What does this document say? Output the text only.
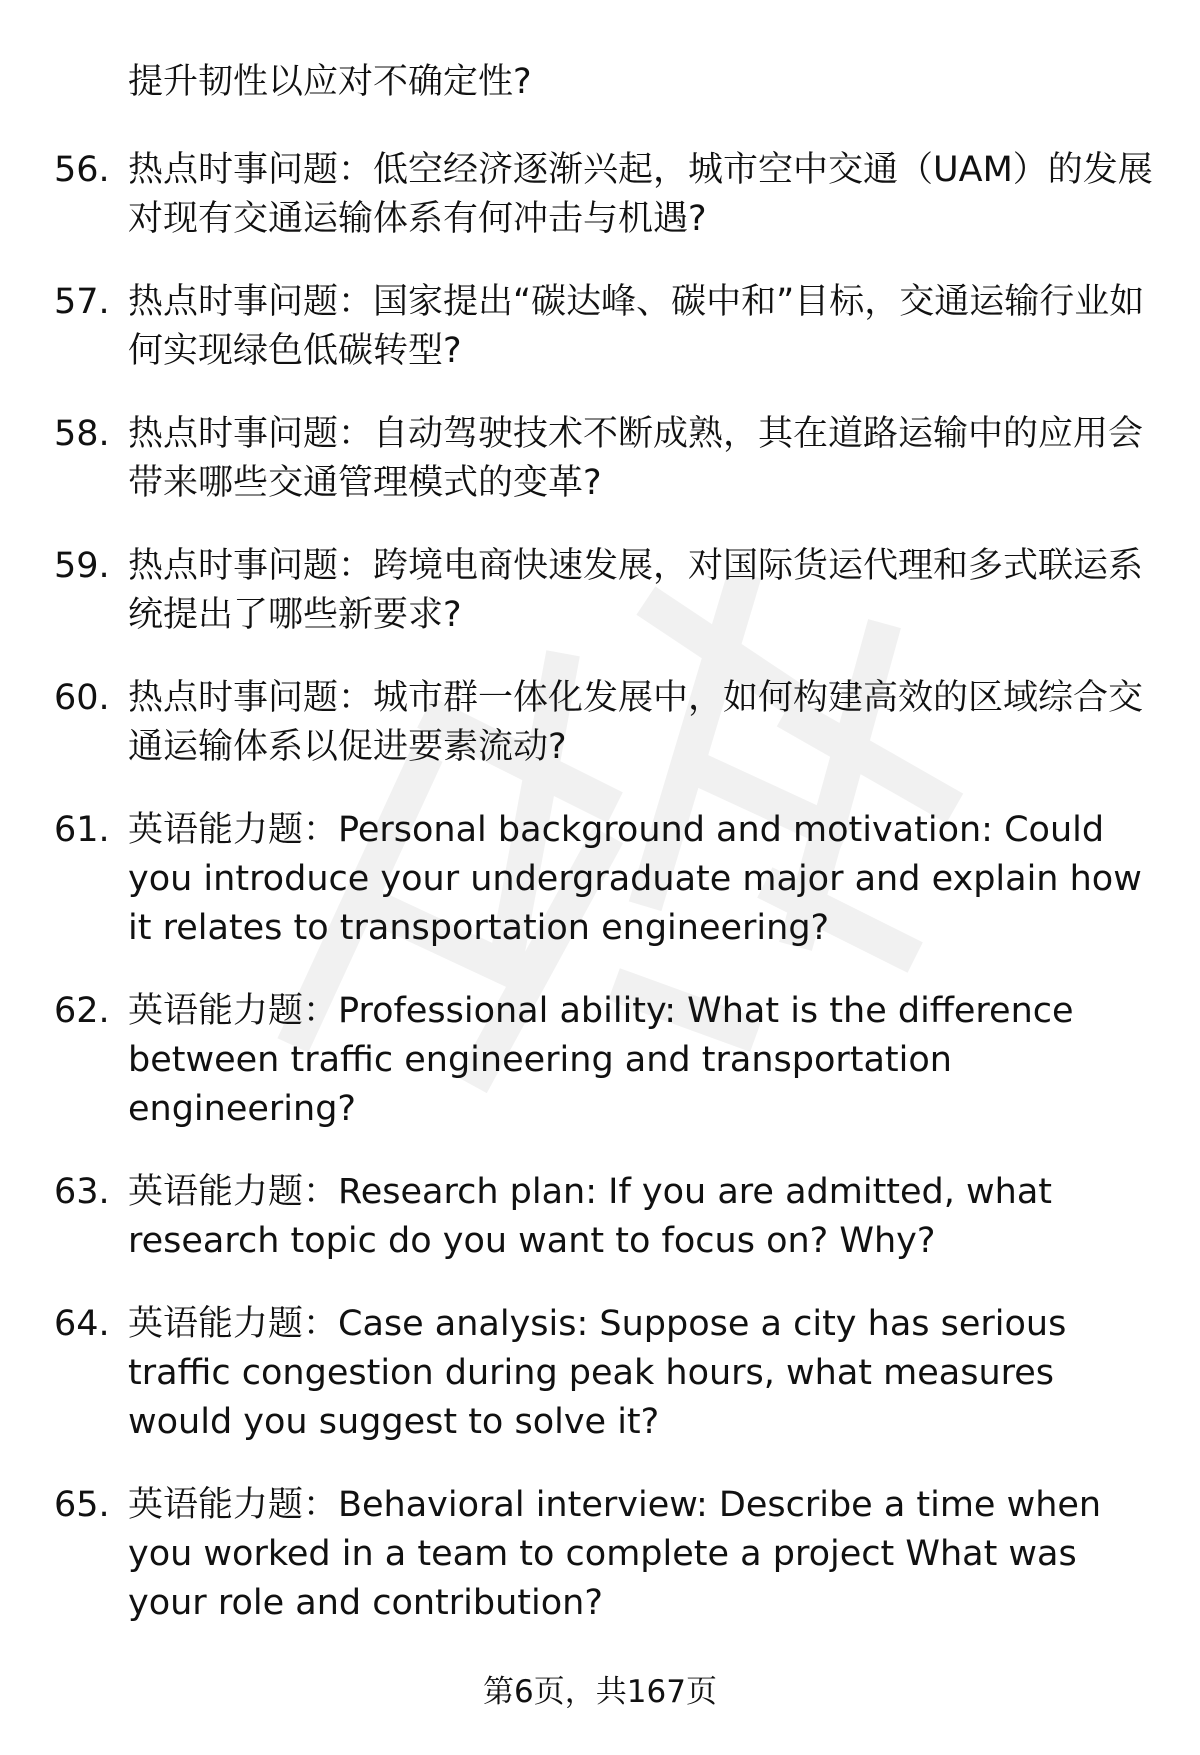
提升韧性以应对不确定性?
56. 热点时事问题：低空经济逐渐兴起，城市空中交通（UAM）的发展对现有交通运输体系有何冲击与机遇?
57. 热点时事问题：国家提出“碳达峰、碳中和”目标，交通运输行业如何实现绿色低碳转型?
58. 热点时事问题：自动驾驶技术不断成熟，其在道路运输中的应用会带来哪些交通管理模式的变革?
59. 热点时事问题：跨境电商快速发展，对国际货运代理和多式联运系统提出了哪些新要求?
60. 热点时事问题：城市群一体化发展中，如何构建高效的区域综合交通运输体系以促进要素流动?
61. 英语能力题：Personal background and motivation: Could you introduce your undergraduate major and explain how it relates to transportation engineering?
62. 英语能力题：Professional ability: What is the difference between traffic engineering and transportation engineering?
63. 英语能力题：Research plan: If you are admitted, what research topic do you want to focus on? Why?
64. 英语能力题：Case analysis: Suppose a city has serious traffic congestion during peak hours, what measures would you suggest to solve it?
65. 英语能力题：Behavioral interview: Describe a time when you worked in a team to complete a project What was your role and contribution?
第6页，共167页
